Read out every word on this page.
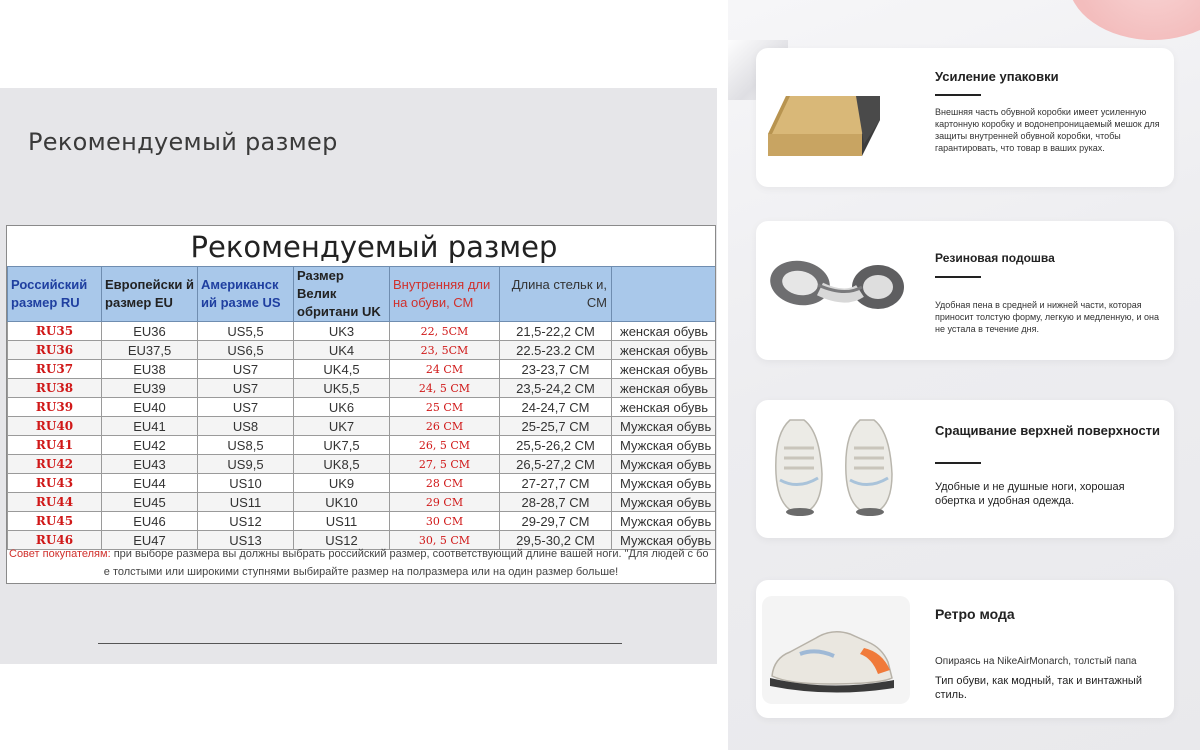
Рекомендуемый размер
Рекомендуемый размер
Российский размер RU	Европейски й размер EU	Американск ий разме US	Размер Велик обритани UK	Внутренняя дли на обуви, СМ	Длина стельк и, СМ	
RU35	EU36	US5,5	UK3	22, 5CM	21,5-22,2 CM	женская обувь
RU36	EU37,5	US6,5	UK4	23, 5CM	22.5-23.2 CM	женская обувь
RU37	EU38	US7	UK4,5	24 CM	23-23,7 CM	женская обувь
RU38	EU39	US7	UK5,5	24, 5 CM	23,5-24,2 CM	женская обувь
RU39	EU40	US7	UK6	25 CM	24-24,7 CM	женская обувь
RU40	EU41	US8	UK7	26 CM	25-25,7 CM	Мужская обувь
RU41	EU42	US8,5	UK7,5	26, 5 CM	25,5-26,2 CM	Мужская обувь
RU42	EU43	US9,5	UK8,5	27, 5 CM	26,5-27,2 CM	Мужская обувь
RU43	EU44	US10	UK9	28 CM	27-27,7 CM	Мужская обувь
RU44	EU45	US11	UK10	29 CM	28-28,7 CM	Мужская обувь
RU45	EU46	US12	US11	30 CM	29-29,7 CM	Мужская обувь
RU46	EU47	US13	US12	30, 5 CM	29,5-30,2 CM	Мужская обувь
Совет покупателям: при выборе размера вы должны выбрать российский размер, соответствующий длине вашей ноги. "Для людей с бо
е толстыми или широкими ступнями выбирайте размер на полразмера или на один размер больше!
Усиление упаковки
Внешняя часть обувной коробки имеет усиленную картонную коробку и водонепроницаемый мешок для защиты внутренней обувной коробки, чтобы гарантировать, что товар в ваших руках.
Резиновая подошва
Удобная пена в средней и нижней части, которая приносит толстую форму, легкую и медленную, и она не устала в течение дня.
Сращивание верхней поверхности
Удобные и не душные ноги, хорошая обертка и удобная одежда.
Ретро мода
Опираясь на NikeAirMonarch, толстый папа
Тип обуви, как модный, так и винтажный стиль.
